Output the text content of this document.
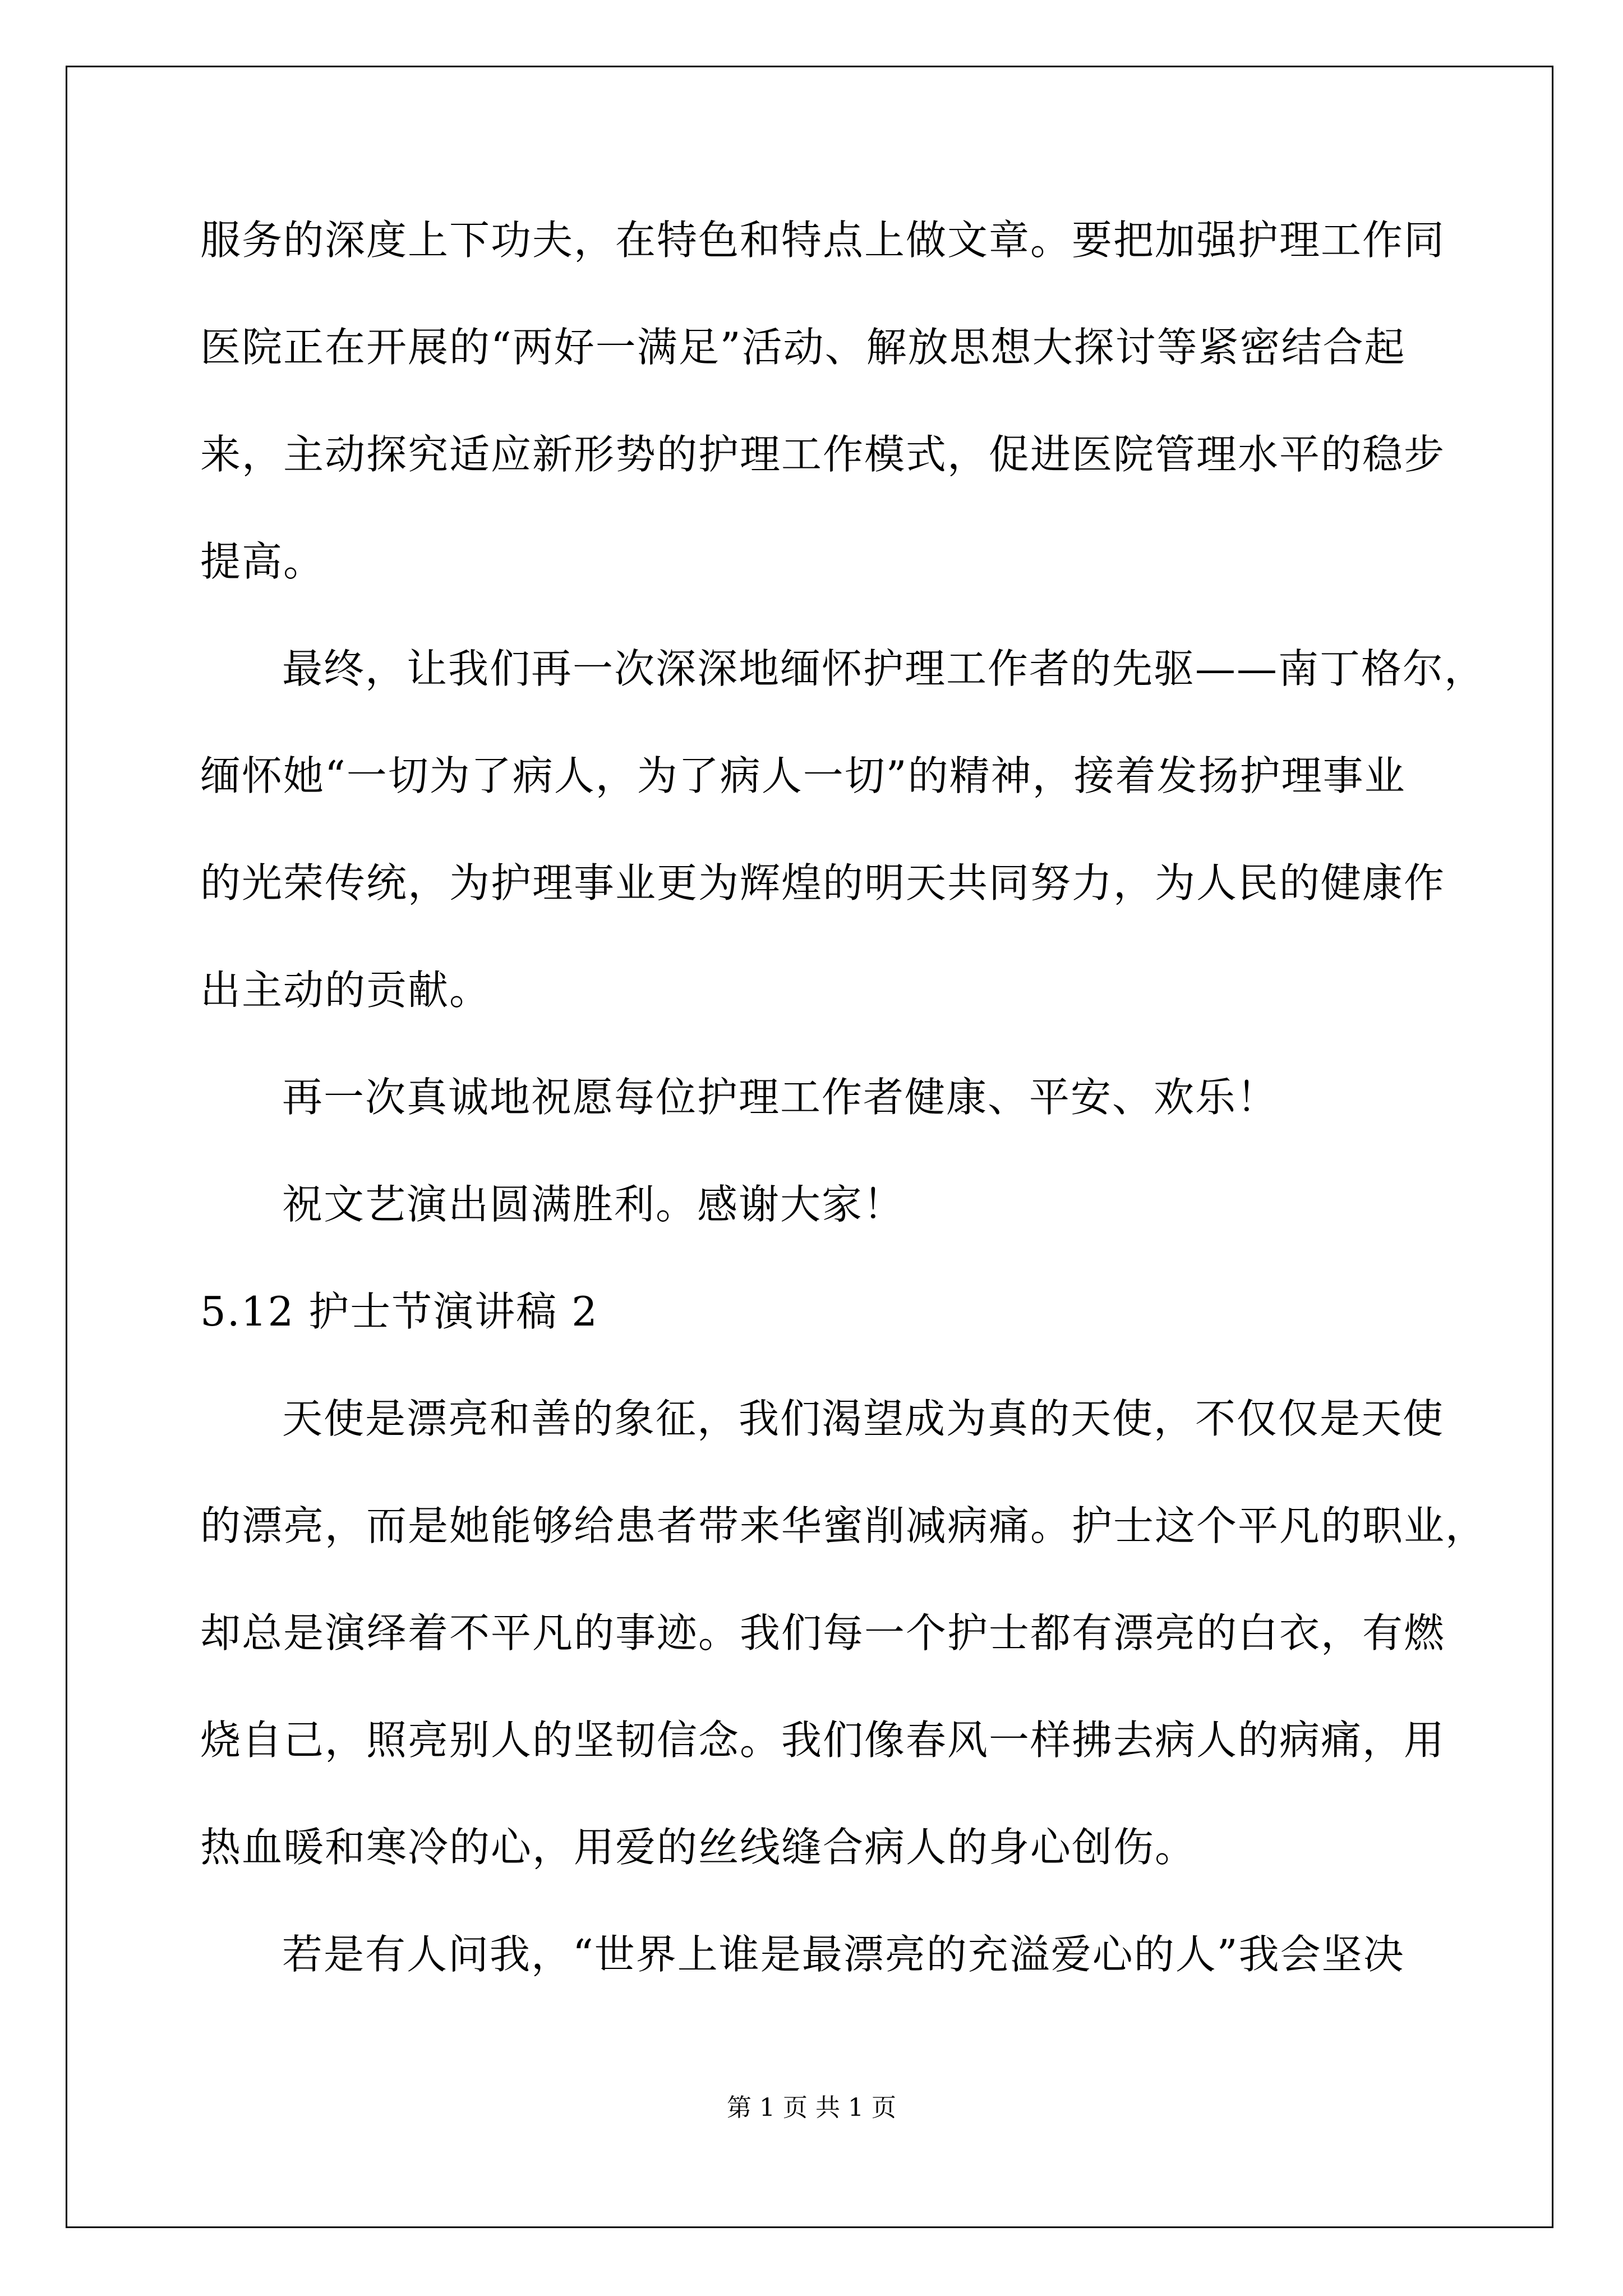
服务的深度上下功夫，在特色和特点上做文章。要把加强护理工作同
医院正在开展的“两好一满足”活动、解放思想大探讨等紧密结合起
来，主动探究适应新形势的护理工作模式，促进医院管理水平的稳步
提高。
最终，让我们再一次深深地缅怀护理工作者的先驱——南丁格尔，
缅怀她“一切为了病人，为了病人一切”的精神，接着发扬护理事业
的光荣传统，为护理事业更为辉煌的明天共同努力，为人民的健康作
出主动的贡献。
再一次真诚地祝愿每位护理工作者健康、平安、欢乐！
祝文艺演出圆满胜利。感谢大家！
5.12 护士节演讲稿 2
天使是漂亮和善的象征，我们渴望成为真的天使，不仅仅是天使
的漂亮，而是她能够给患者带来华蜜削减病痛。护士这个平凡的职业，
却总是演绎着不平凡的事迹。我们每一个护士都有漂亮的白衣，有燃
烧自己，照亮别人的坚韧信念。我们像春风一样拂去病人的病痛，用
热血暖和寒冷的心，用爱的丝线缝合病人的身心创伤。
若是有人问我，“世界上谁是最漂亮的充溢爱心的人”我会坚决
第 1 页 共 1 页
